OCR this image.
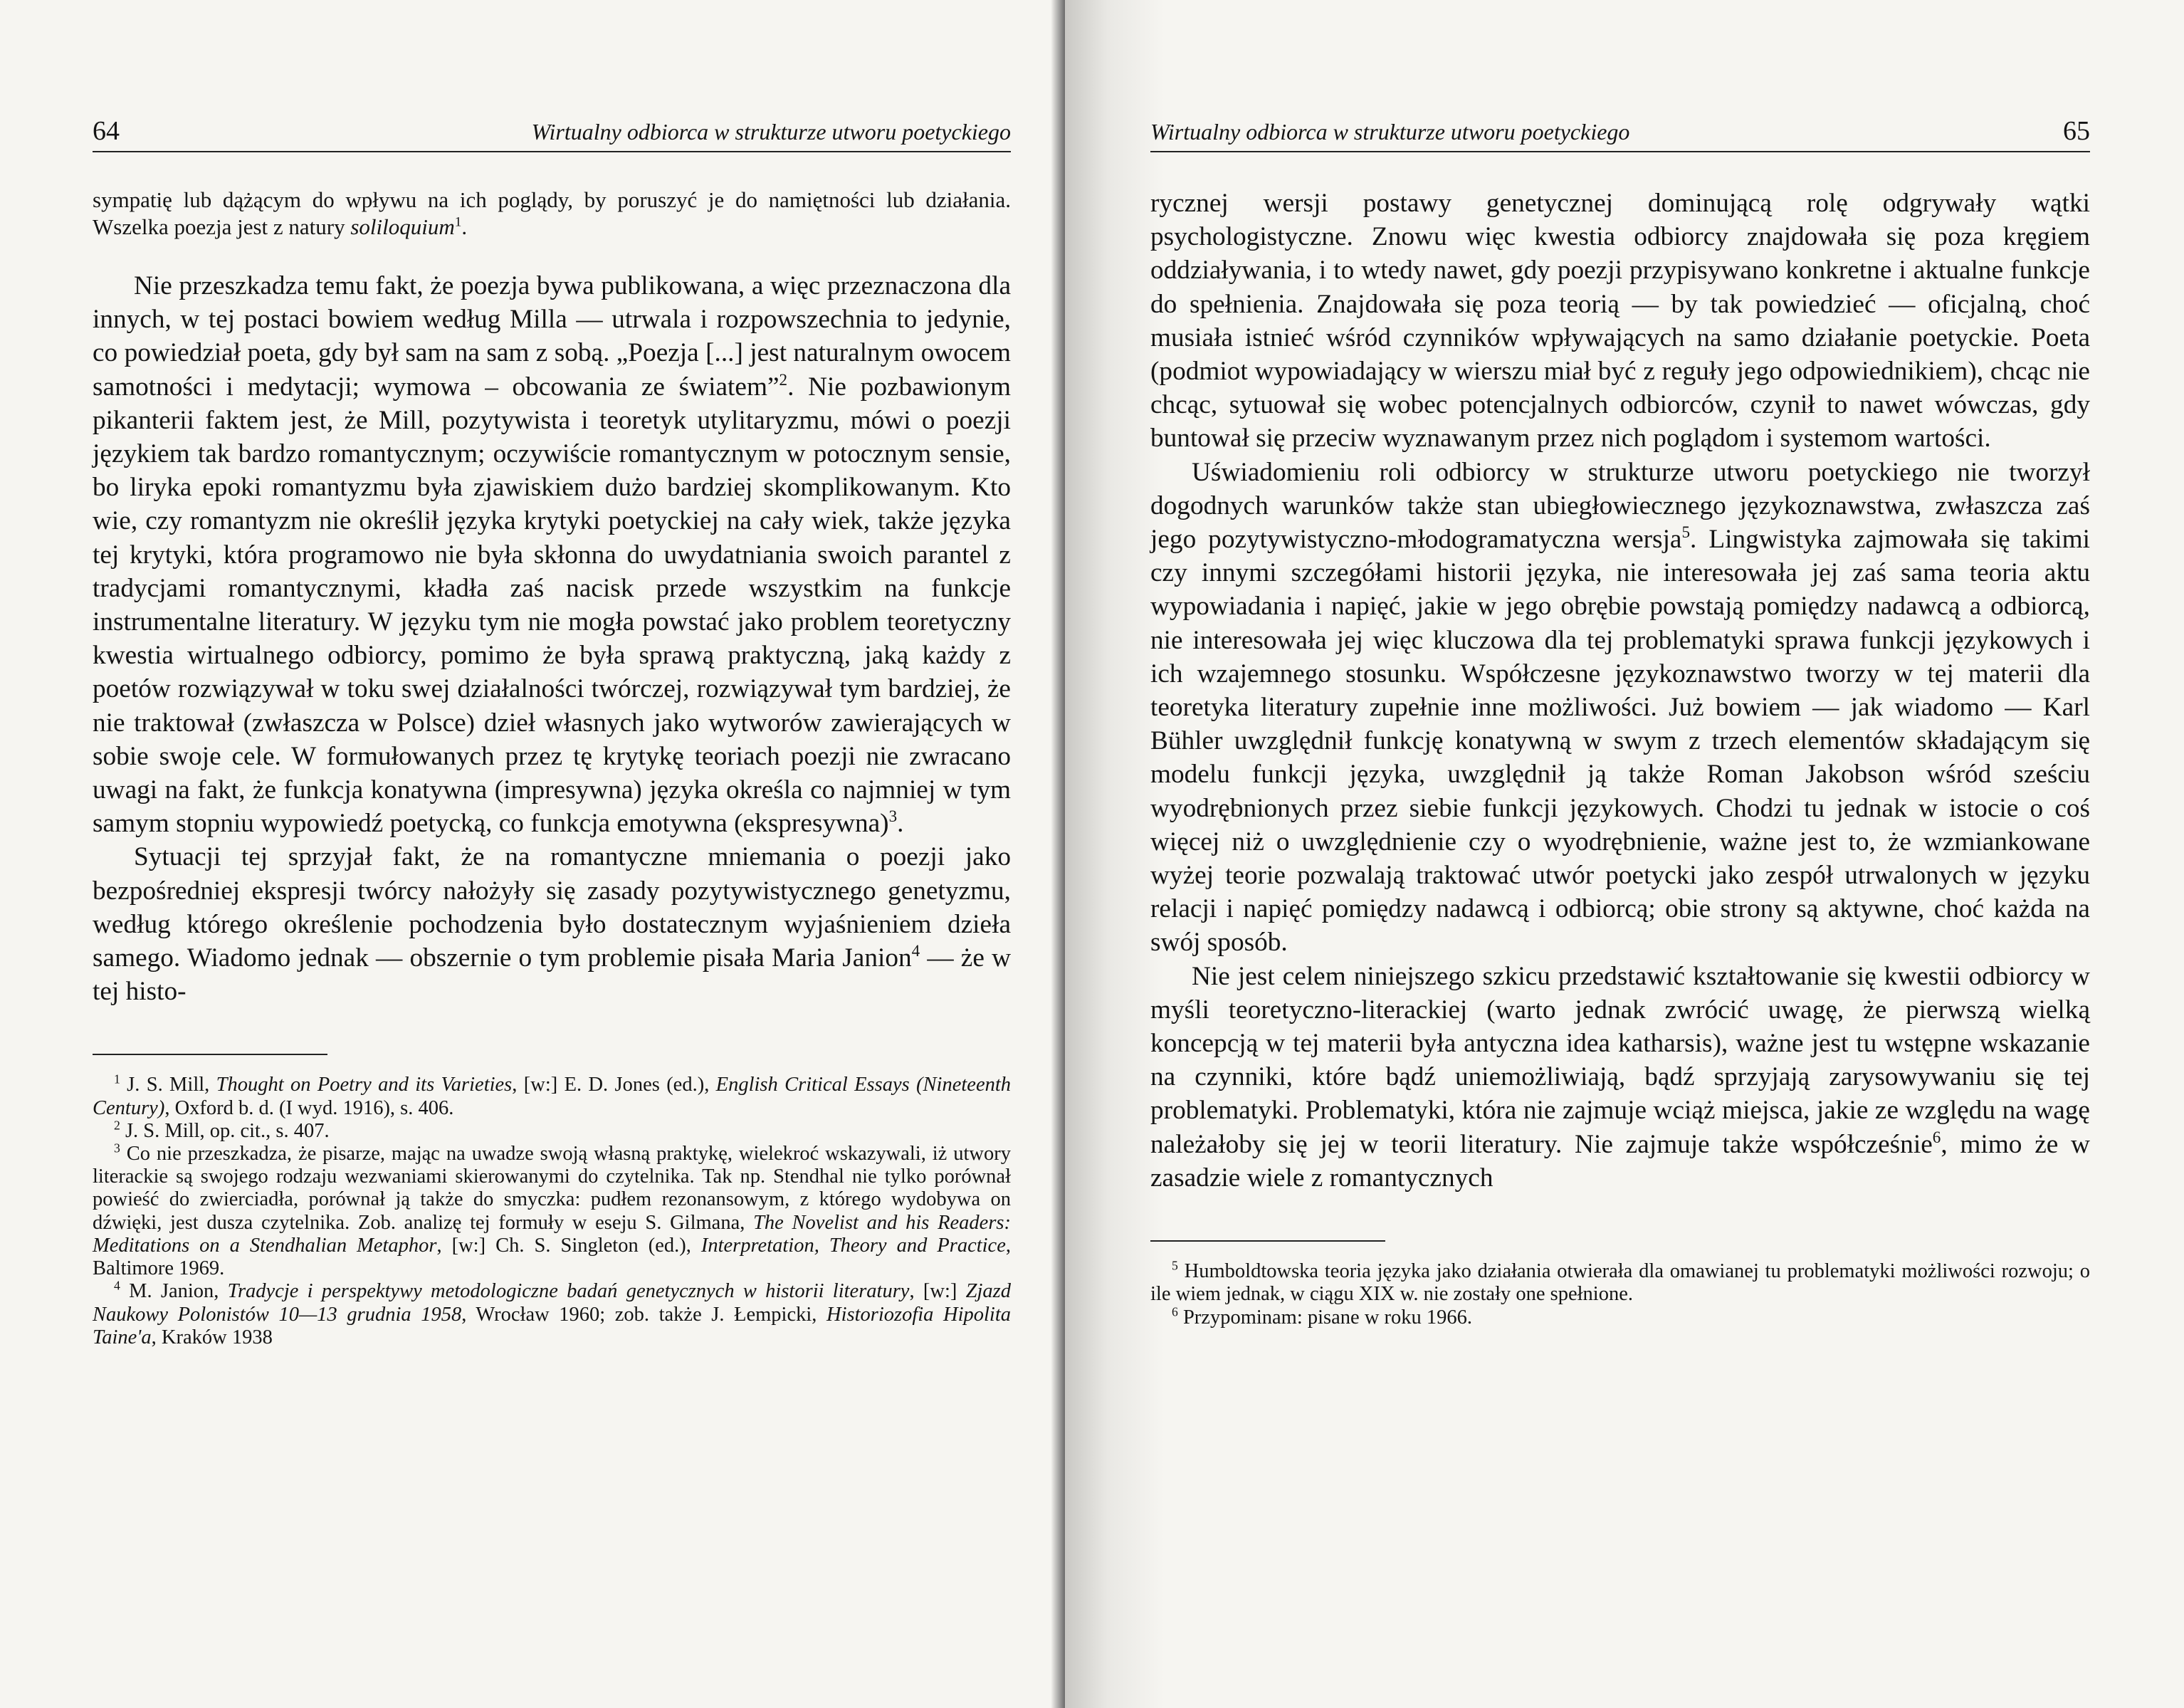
64	Wirtualny odbiorca w strukturze utworu poetyckiego

sympatię lub dążącym do wpływu na ich poglądy, by poruszyć je do namiętności lub działania. Wszelka poezja jest z natury soliloquium$^1$.

Nie przeszkadza temu fakt, że poezja bywa publikowana, a więc przeznaczona dla innych, w tej postaci bowiem według Milla — utrwala i rozpowszechnia to jedynie, co powiedział poeta, gdy był sam na sam z sobą. „Poezja [...] jest naturalnym owocem samotności i medytacji; wymowa – obcowania ze światem”$^2$. Nie pozbawionym pikanterii faktem jest, że Mill, pozytywista i teoretyk utylitaryzmu, mówi o poezji językiem tak bardzo romantycznym; oczywiście romantycznym w potocznym sensie, bo liryka epoki romantyzmu była zjawiskiem dużo bardziej skomplikowanym. Kto wie, czy romantyzm nie określił języka krytyki poetyckiej na cały wiek, także języka tej krytyki, która programowo nie była skłonna do uwydatniania swoich parantel z tradycjami romantycznymi, kładła zaś nacisk przede wszystkim na funkcje instrumentalne literatury. W języku tym nie mogła powstać jako problem teoretyczny kwestia wirtualnego odbiorcy, pomimo że była sprawą praktyczną, jaką każdy z poetów rozwiązywał w toku swej działalności twórczej, rozwiązywał tym bardziej, że nie traktował (zwłaszcza w Polsce) dzieł własnych jako wytworów zawierających w sobie swoje cele. W formułowanych przez tę krytykę teoriach poezji nie zwracano uwagi na fakt, że funkcja konatywna (impresywna) języka określa co najmniej w tym samym stopniu wypowiedź poetycką, co funkcja emotywna (ekspresywna)$^3$.

Sytuacji tej sprzyjał fakt, że na romantyczne mniemania o poezji jako bezpośredniej ekspresji twórcy nałożyły się zasady pozytywistycznego genetyzmu, według którego określenie pochodzenia było dostatecznym wyjaśnieniem dzieła samego. Wiadomo jednak — obszernie o tym problemie pisała Maria Janion$^4$ — że w tej histo-

$^1$ J. S. Mill, Thought on Poetry and its Varieties, [w:] E. D. Jones (ed.), English Critical Essays (Nineteenth Century), Oxford b. d. (I wyd. 1916), s. 406.

$^2$ J. S. Mill, op. cit., s. 407.

$^3$ Co nie przeszkadza, że pisarze, mając na uwadze swoją własną praktykę, wielekroć wskazywali, iż utwory literackie są swojego rodzaju wezwaniami skierowanymi do czytelnika. Tak np. Stendhal nie tylko porównał powieść do zwierciadła, porównał ją także do smyczka: pudłem rezonansowym, z którego wydobywa on dźwięki, jest dusza czytelnika. Zob. analizę tej formuły w eseju S. Gilmana, The Novelist and his Readers: Meditations on a Stendhalian Metaphor, [w:] Ch. S. Singleton (ed.), Interpretation, Theory and Practice, Baltimore 1969.

$^4$ M. Janion, Tradycje i perspektywy metodologiczne badań genetycznych w historii literatury, [w:] Zjazd Naukowy Polonistów 10—13 grudnia 1958, Wrocław 1960; zob. także J. Łempicki, Historiozofia Hipolita Taine'a, Kraków 1938

Wirtualny odbiorca w strukturze utworu poetyckiego	65

rycznej wersji postawy genetycznej dominującą rolę odgrywały wątki psychologistyczne. Znowu więc kwestia odbiorcy znajdowała się poza kręgiem oddziaływania, i to wtedy nawet, gdy poezji przypisywano konkretne i aktualne funkcje do spełnienia. Znajdowała się poza teorią — by tak powiedzieć — oficjalną, choć musiała istnieć wśród czynników wpływających na samo działanie poetyckie. Poeta (podmiot wypowiadający w wierszu miał być z reguły jego odpowiednikiem), chcąc nie chcąc, sytuował się wobec potencjalnych odbiorców, czynił to nawet wówczas, gdy buntował się przeciw wyznawanym przez nich poglądom i systemom wartości.

Uświadomieniu roli odbiorcy w strukturze utworu poetyckiego nie tworzył dogodnych warunków także stan ubiegłowiecznego językoznawstwa, zwłaszcza zaś jego pozytywistyczno-młodogramatyczna wersja$^5$. Lingwistyka zajmowała się takimi czy innymi szczegółami historii języka, nie interesowała jej zaś sama teoria aktu wypowiadania i napięć, jakie w jego obrębie powstają pomiędzy nadawcą a odbiorcą, nie interesowała jej więc kluczowa dla tej problematyki sprawa funkcji językowych i ich wzajemnego stosunku. Współczesne językoznawstwo tworzy w tej materii dla teoretyka literatury zupełnie inne możliwości. Już bowiem — jak wiadomo — Karl Bühler uwzględnił funkcję konatywną w swym z trzech elementów składającym się modelu funkcji języka, uwzględnił ją także Roman Jakobson wśród sześciu wyodrębnionych przez siebie funkcji językowych. Chodzi tu jednak w istocie o coś więcej niż o uwzględnienie czy o wyodrębnienie, ważne jest to, że wzmiankowane wyżej teorie pozwalają traktować utwór poetycki jako zespół utrwalonych w języku relacji i napięć pomiędzy nadawcą i odbiorcą; obie strony są aktywne, choć każda na swój sposób.

Nie jest celem niniejszego szkicu przedstawić kształtowanie się kwestii odbiorcy w myśli teoretyczno-literackiej (warto jednak zwrócić uwagę, że pierwszą wielką koncepcją w tej materii była antyczna idea katharsis), ważne jest tu wstępne wskazanie na czynniki, które bądź uniemożliwiają, bądź sprzyjają zarysowywaniu się tej problematyki. Problematyki, która nie zajmuje wciąż miejsca, jakie ze względu na wagę należałoby się jej w teorii literatury. Nie zajmuje także współcześnie$^6$, mimo że w zasadzie wiele z romantycznych

$^5$ Humboldtowska teoria języka jako działania otwierała dla omawianej tu problematyki możliwości rozwoju; o ile wiem jednak, w ciągu XIX w. nie zostały one spełnione.

$^6$ Przypominam: pisane w roku 1966.
